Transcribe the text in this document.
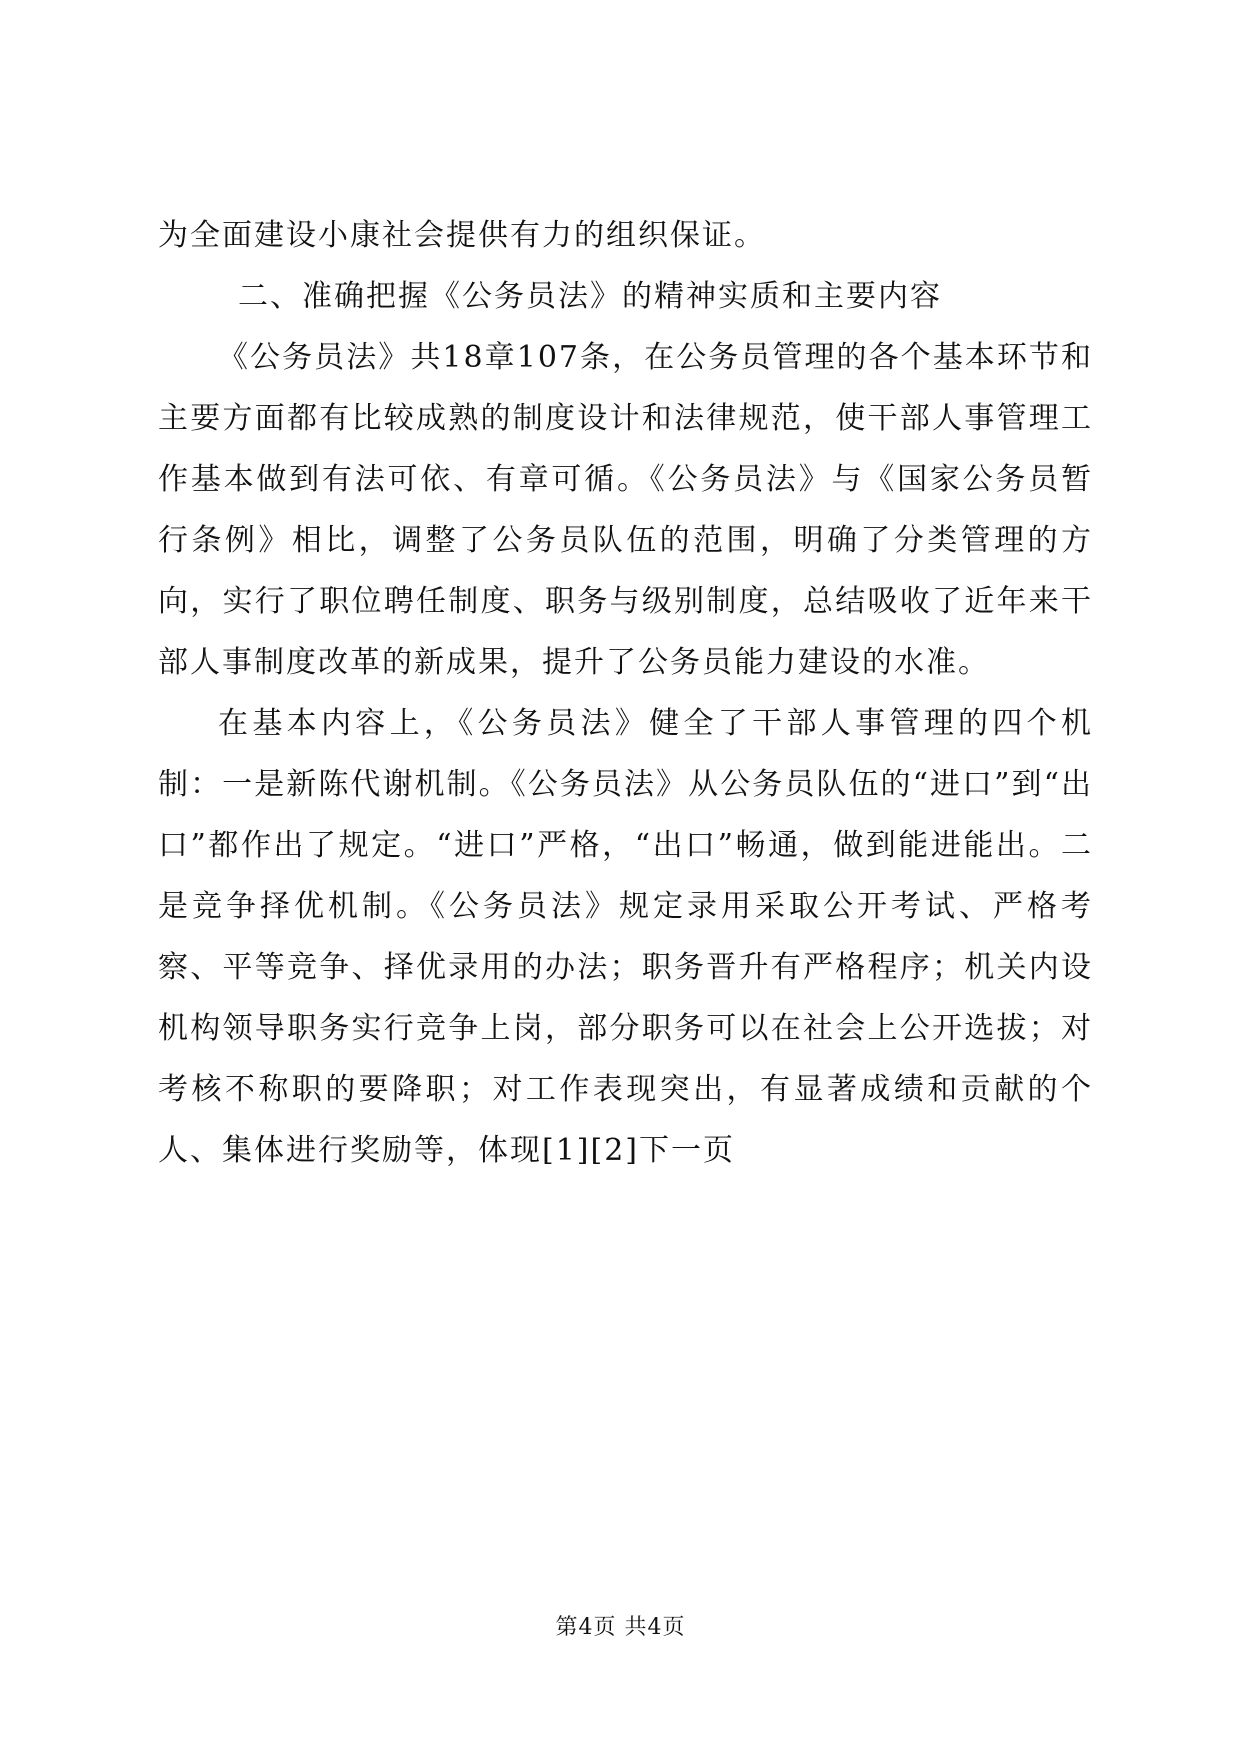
为全面建设小康社会提供有力的组织保证。

二、准确把握《公务员法》的精神实质和主要内容

《公务员法》共18章107条，在公务员管理的各个基本环节和主要方面都有比较成熟的制度设计和法律规范，使干部人事管理工作基本做到有法可依、有章可循。《公务员法》与《国家公务员暂行条例》相比，调整了公务员队伍的范围，明确了分类管理的方向，实行了职位聘任制度、职务与级别制度，总结吸收了近年来干部人事制度改革的新成果，提升了公务员能力建设的水准。

在基本内容上，《公务员法》健全了干部人事管理的四个机制：一是新陈代谢机制。《公务员法》从公务员队伍的“进口”到“出口”都作出了规定。“进口”严格，“出口”畅通，做到能进能出。二是竞争择优机制。《公务员法》规定录用采取公开考试、严格考察、平等竞争、择优录用的办法；职务晋升有严格程序；机关内设机构领导职务实行竞争上岗，部分职务可以在社会上公开选拔；对考核不称职的要降职；对工作表现突出，有显著成绩和贡献的个人、集体进行奖励等，体现[1][2]下一页

第4页 共4页
